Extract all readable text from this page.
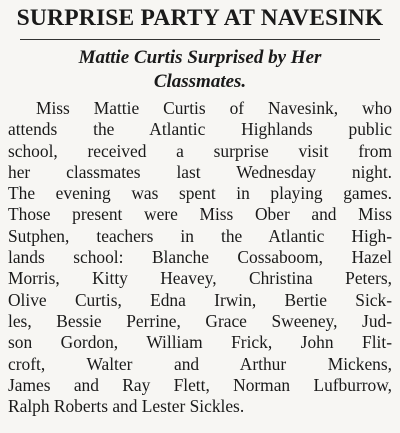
SURPRISE PARTY AT NAVESINK
Mattie Curtis Surprised by Her
Classmates.
Miss Mattie Curtis of Navesink, who
attends the Atlantic Highlands public
school, received a surprise visit from
her classmates last Wednesday night.
The evening was spent in playing games.
Those present were Miss Ober and Miss
Sutphen, teachers in the Atlantic High-
lands school: Blanche Cossaboom, Hazel
Morris, Kitty Heavey, Christina Peters,
Olive Curtis, Edna Irwin, Bertie Sick-
les, Bessie Perrine, Grace Sweeney, Jud-
son Gordon, William Frick, John Flit-
croft, Walter and Arthur Mickens,
James and Ray Flett, Norman Lufburrow,
Ralph Roberts and Lester Sickles.
